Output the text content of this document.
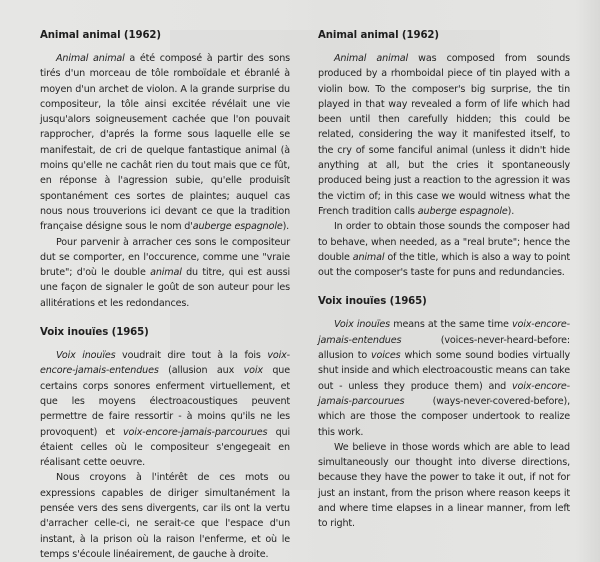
Animal animal (1962)

Animal animal a été composé à partir des sons tirés d'un morceau de tôle romboïdale et ébranlé à moyen d'un archet de violon. A la grande surprise du compositeur, la tôle ainsi excitée révélait une vie jusqu'alors soigneusement cachée que l'on pouvait rapprocher, d'aprés la forme sous laquelle elle se manifestait, de cri de quelque fantastique animal (à moins qu'elle ne cachât rien du tout mais que ce fût, en réponse à l'agression subie, qu'elle produisît spontanément ces sortes de plaintes; auquel cas nous nous trouverions ici devant ce que la tradition française désigne sous le nom d'auberge espagnole).

Pour parvenir à arracher ces sons le compositeur dut se comporter, en l'occurence, comme une "vraie brute"; d'où le double animal du titre, qui est aussi une façon de signaler le goût de son auteur pour les allitérations et les redondances.

Voix inouïes (1965)

Voix inouïes voudrait dire tout à la fois voix-encore-jamais-entendues (allusion aux voix que certains corps sonores enferment virtuellement, et que les moyens électroacoustiques peuvent permettre de faire ressortir - à moins qu'ils ne les provoquent) et voix-encore-jamais-parcourues qui étaient celles où le compositeur s'engegeait en réalisant cette oeuvre.

Nous croyons à l'intérêt de ces mots ou expressions capables de diriger simultanément la pensée vers des sens divergents, car ils ont la vertu d'arracher celle-ci, ne serait-ce que l'espace d'un instant, à la prison où la raison l'enferme, et où le temps s'écoule linéairement, de gauche à droite.

Animal animal (1962)

Animal animal was composed from sounds produced by a rhomboidal piece of tin played with a violin bow. To the composer's big surprise, the tin played in that way revealed a form of life which had been until then carefully hidden; this could be related, considering the way it manifested itself, to the cry of some fanciful animal (unless it didn't hide anything at all, but the cries it spontaneously produced being just a reaction to the agression it was the victim of; in this case we would witness what the French tradition calls auberge espagnole).

In order to obtain those sounds the composer had to behave, when needed, as a "real brute"; hence the double animal of the title, which is also a way to point out the composer's taste for puns and redundancies.

Voix inouïes (1965)

Voix inouïes means at the same time voix-encore-jamais-entendues (voices-never-heard-before: allusion to voices which some sound bodies virtually shut inside and which electroacoustic means can take out - unless they produce them) and voix-encore-jamais-parcourues (ways-never-covered-before), which are those the composer undertook to realize this work.

We believe in those words which are able to lead simultaneously our thought into diverse directions, because they have the power to take it out, if not for just an instant, from the prison where reason keeps it and where time elapses in a linear manner, from left to right.
